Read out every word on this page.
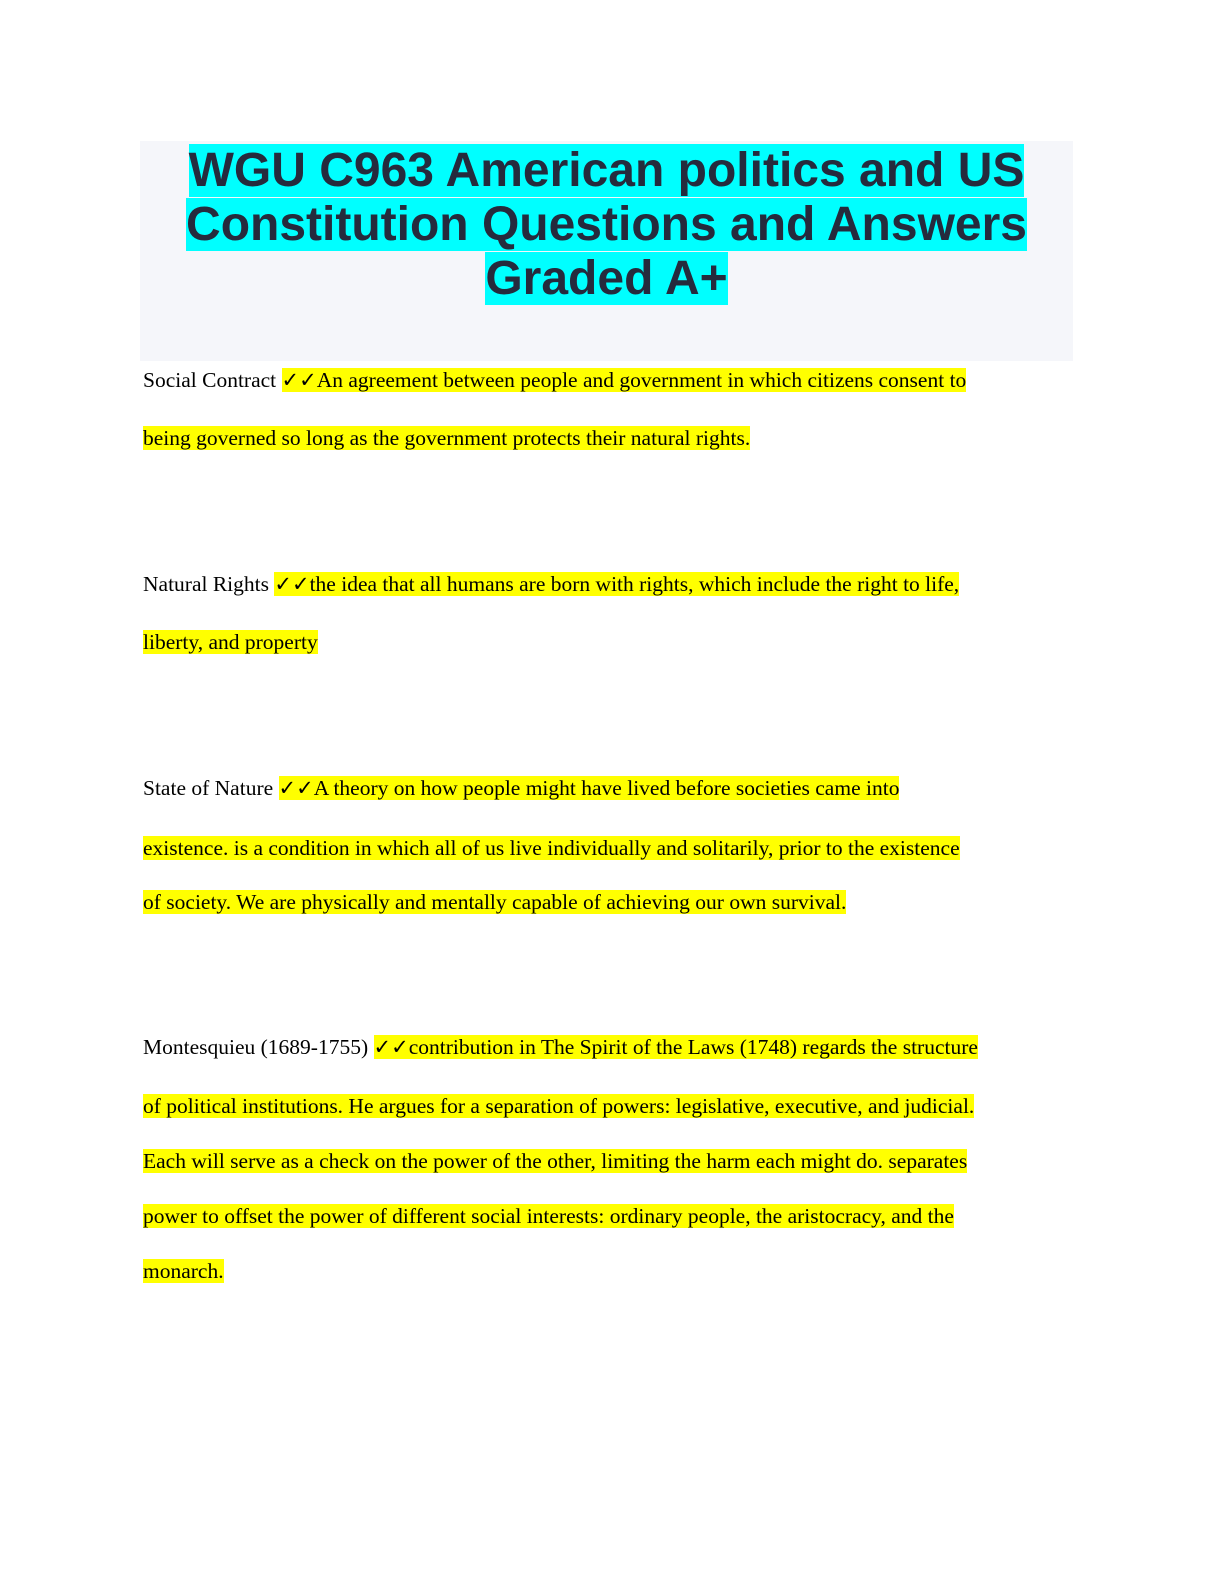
WGU C963 American politics and US
Constitution Questions and Answers
Graded A+
Social Contract ✓✓An agreement between people and government in which citizens consent to
being governed so long as the government protects their natural rights.
Natural Rights ✓✓the idea that all humans are born with rights, which include the right to life,
liberty, and property
State of Nature ✓✓A theory on how people might have lived before societies came into
existence. is a condition in which all of us live individually and solitarily, prior to the existence
of society. We are physically and mentally capable of achieving our own survival.
Montesquieu (1689-1755) ✓✓contribution in The Spirit of the Laws (1748) regards the structure
of political institutions. He argues for a separation of powers: legislative, executive, and judicial.
Each will serve as a check on the power of the other, limiting the harm each might do. separates
power to offset the power of different social interests: ordinary people, the aristocracy, and the
monarch.
